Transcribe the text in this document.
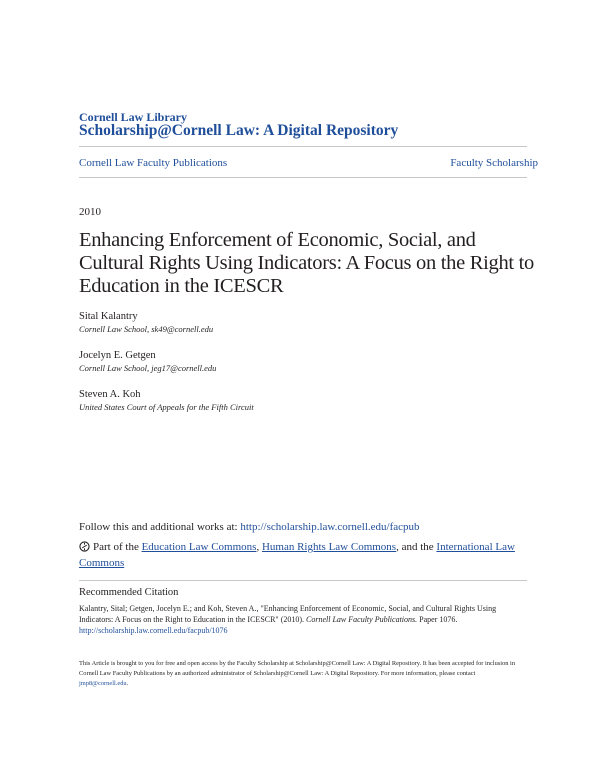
Cornell Law Library
Scholarship@Cornell Law: A Digital Repository
Cornell Law Faculty Publications	Faculty Scholarship
2010
Enhancing Enforcement of Economic, Social, and Cultural Rights Using Indicators: A Focus on the Right to Education in the ICESCR
Sital Kalantry
Cornell Law School, sk49@cornell.edu
Jocelyn E. Getgen
Cornell Law School, jeg17@cornell.edu
Steven A. Koh
United States Court of Appeals for the Fifth Circuit
Follow this and additional works at: http://scholarship.law.cornell.edu/facpub
Part of the Education Law Commons, Human Rights Law Commons, and the International Law Commons
Recommended Citation
Kalantry, Sital; Getgen, Jocelyn E.; and Koh, Steven A., "Enhancing Enforcement of Economic, Social, and Cultural Rights Using Indicators: A Focus on the Right to Education in the ICESCR" (2010). Cornell Law Faculty Publications. Paper 1076.
http://scholarship.law.cornell.edu/facpub/1076
This Article is brought to you for free and open access by the Faculty Scholarship at Scholarship@Cornell Law: A Digital Repository. It has been accepted for inclusion in Cornell Law Faculty Publications by an authorized administrator of Scholarship@Cornell Law: A Digital Repository. For more information, please contact jmp8@cornell.edu.
